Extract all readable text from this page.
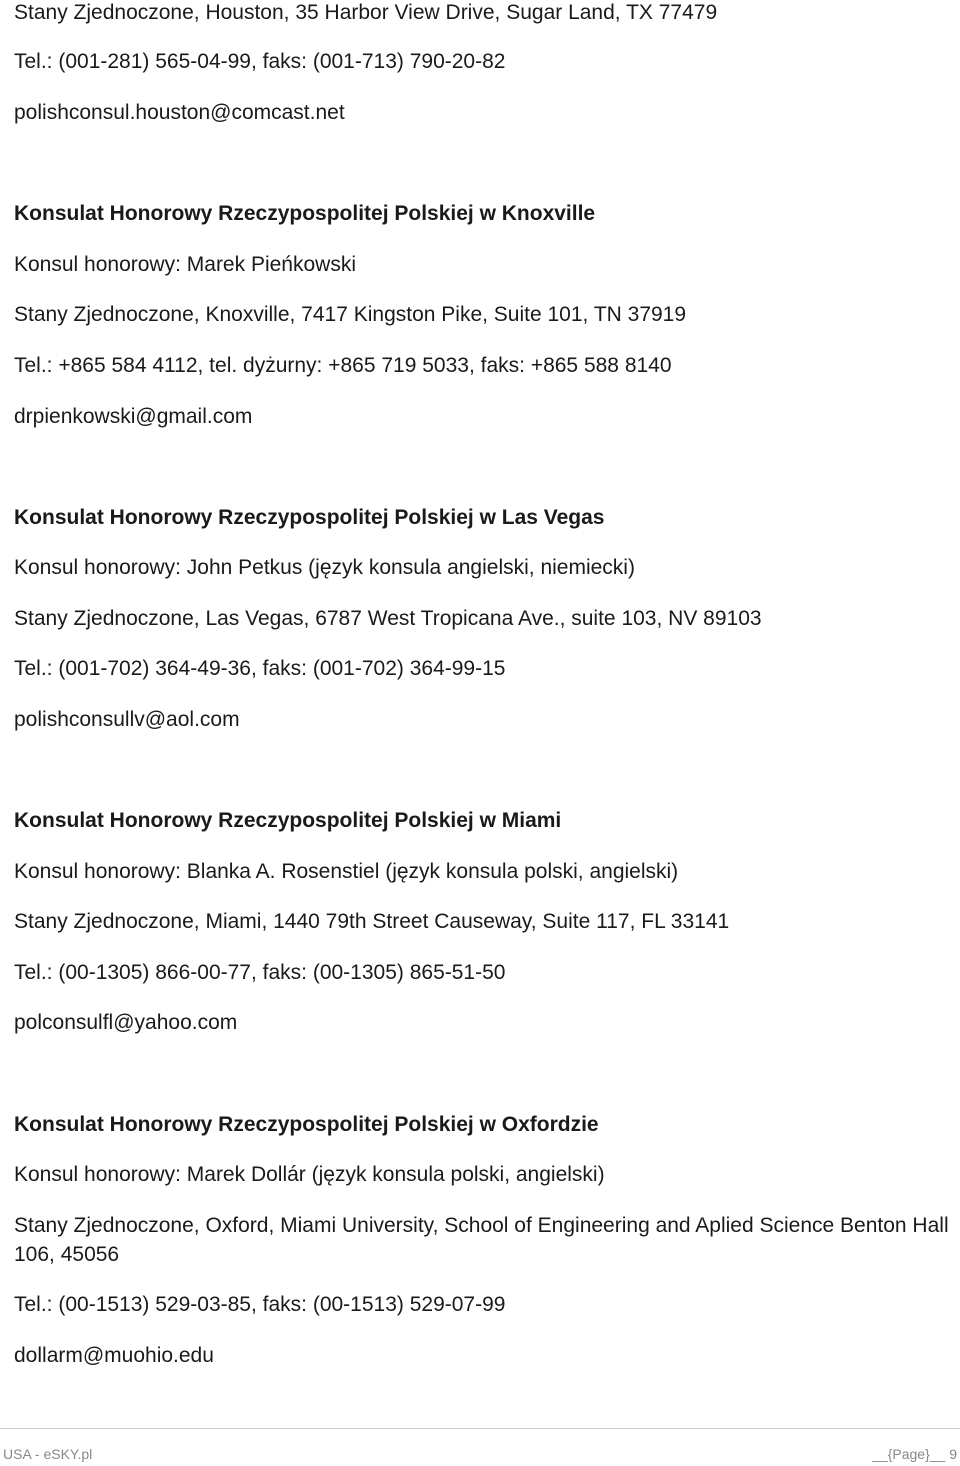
Stany Zjednoczone, Houston, 35 Harbor View Drive, Sugar Land, TX 77479

Tel.: (001-281) 565-04-99, faks: (001-713) 790-20-82

polishconsul.houston@comcast.net

Konsulat Honorowy Rzeczypospolitej Polskiej w Knoxville

Konsul honorowy: Marek Pieńkowski

Stany Zjednoczone, Knoxville, 7417 Kingston Pike, Suite 101, TN 37919

Tel.: +865 584 4112, tel. dyżurny: +865 719 5033, faks: +865 588 8140

drpienkowski@gmail.com

Konsulat Honorowy Rzeczypospolitej Polskiej w Las Vegas

Konsul honorowy: John Petkus (język konsula angielski, niemiecki)

Stany Zjednoczone, Las Vegas, 6787 West Tropicana Ave., suite 103, NV 89103

Tel.: (001-702) 364-49-36, faks: (001-702) 364-99-15

polishconsullv@aol.com

Konsulat Honorowy Rzeczypospolitej Polskiej w Miami

Konsul honorowy: Blanka A. Rosenstiel (język konsula polski, angielski)

Stany Zjednoczone, Miami, 1440 79th Street Causeway, Suite 117, FL 33141

Tel.: (00-1305) 866-00-77, faks: (00-1305) 865-51-50

polconsulfl@yahoo.com

Konsulat Honorowy Rzeczypospolitej Polskiej w Oxfordzie

Konsul honorowy: Marek Dollár (język konsula polski, angielski)

Stany Zjednoczone, Oxford, Miami University, School of Engineering and Aplied Science Benton Hall 106, 45056

Tel.: (00-1513) 529-03-85, faks: (00-1513) 529-07-99

dollarm@muohio.edu

USA - eSKY.pl	__{Page}__ 9
